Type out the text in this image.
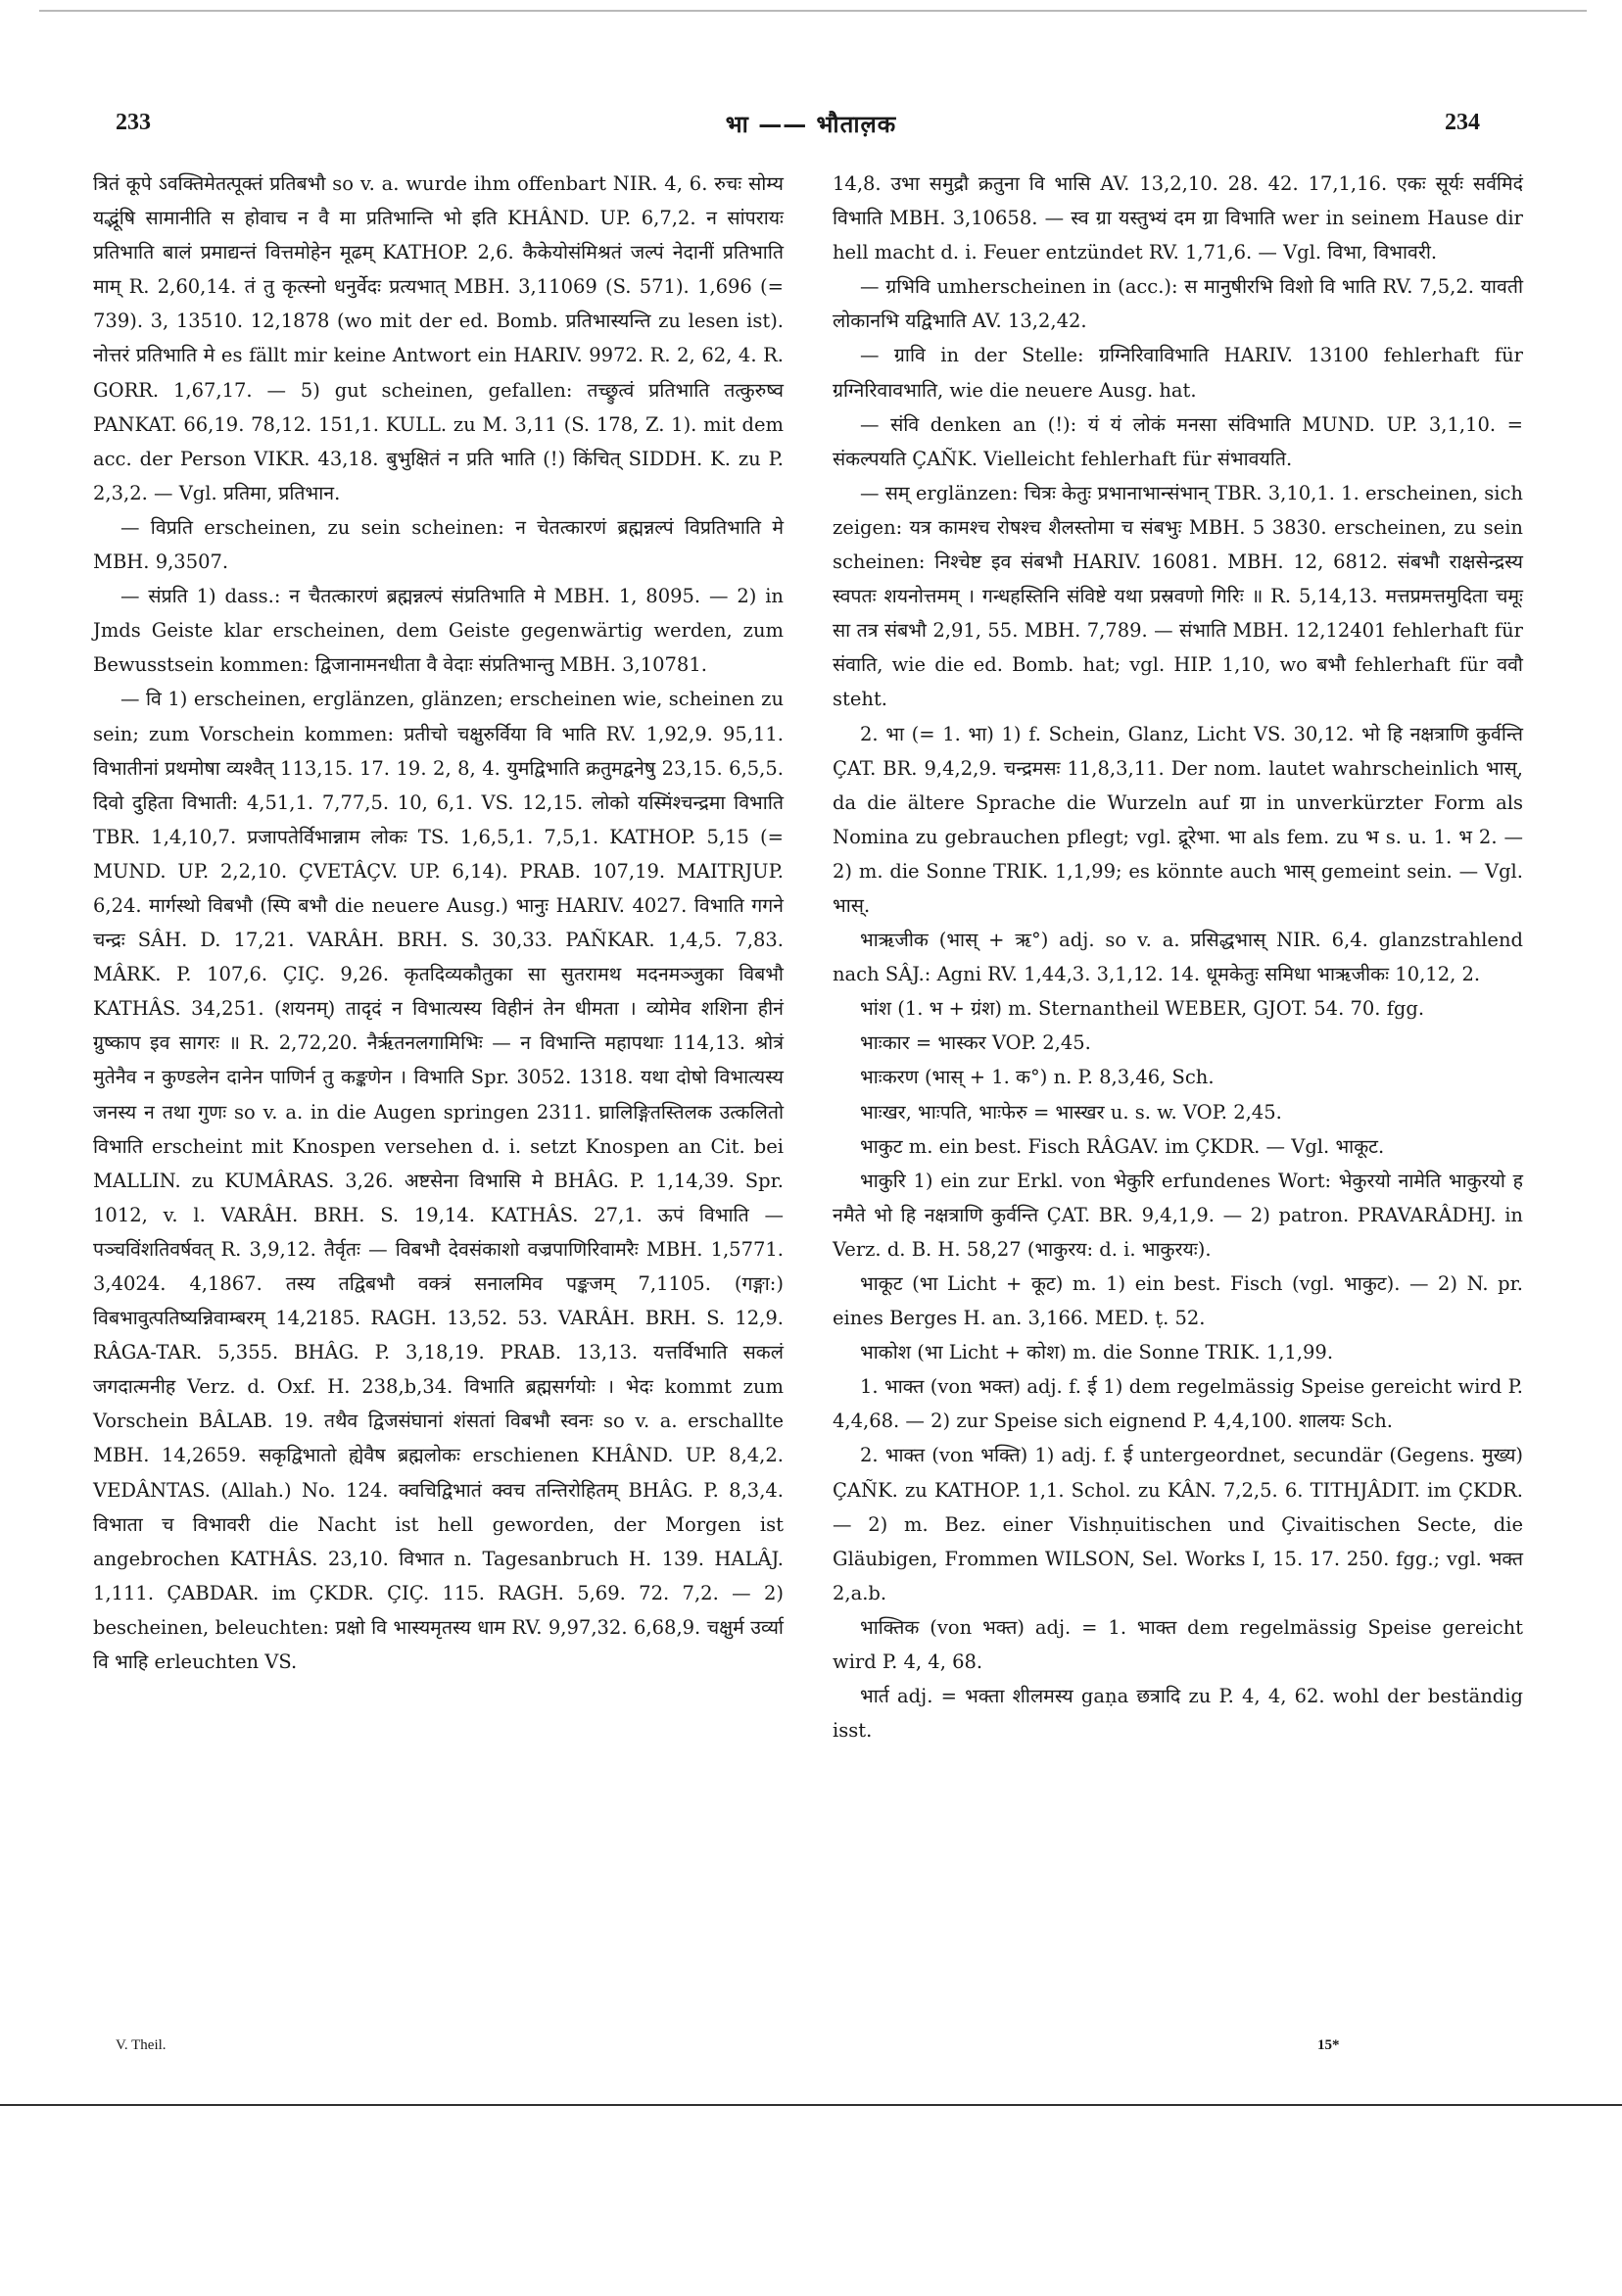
233	भा —— भौताल़क	234

त्रितं कूपे ऽवक्तिमेतत्पूक्तं प्रतिबभौ so v. a. wurde ihm offenbart NIR. 4, 6. रुचः सोम्य यद्भूंषि सामानीति स होवाच न वै मा प्रतिभान्ति भो इति KHÂND. UP. 6,7,2. न सांपरायः प्रतिभाति बालं प्रमाद्यन्तं वित्तमोहेन मूढम् KATHOP. 2,6. कैकेयोसंमिश्रतं जल्पं नेदानीं प्रतिभाति माम् R. 2,60,14. तं तु कृत्स्नो धनुर्वेदः प्रत्यभात् MBH. 3,11069 (S. 571). 1,696 (= 739). 3, 13510. 12,1878 (wo mit der ed. Bomb. प्रतिभास्यन्ति zu lesen ist). नोत्तरं प्रतिभाति मे es fällt mir keine Antwort ein HARIV. 9972. R. 2, 62, 4. R. GORR. 1,67,17. — 5) gut scheinen, gefallen: तच्छ्रुत्वं प्रतिभाति तत्कुरुष्व PANKAT. 66,19. 78,12. 151,1. KULL. zu M. 3,11 (S. 178, Z. 1). mit dem acc. der Person VIKR. 43,18. बुभुक्षितं न प्रति भाति (!) किंचित् SIDDH. K. zu P. 2,3,2. — Vgl. प्रतिमा, प्रतिभान.

— विप्रति erscheinen, zu sein scheinen: न चेतत्कारणं ब्रह्मन्नल्पं विप्रतिभाति मे MBH. 9,3507.

— संप्रति 1) dass.: न चैतत्कारणं ब्रह्मन्नल्पं संप्रतिभाति मे MBH. 1, 8095. — 2) in Jmds Geiste klar erscheinen, dem Geiste gegenwärtig werden, zum Bewusstsein kommen: द्विजानामनधीता वै वेदाः संप्रतिभान्तु MBH. 3,10781.

— वि 1) erscheinen, erglänzen, glänzen; erscheinen wie, scheinen zu sein; zum Vorschein kommen: प्रतीचो चक्षुरुर्विया वि भाति RV. 1,92,9. 95,11. विभातीनां प्रथमोषा व्यश्वैत् 113,15. 17. 19. 2, 8, 4. युमद्विभाति क्रतुमद्वनेषु 23,15. 6,5,5. दिवो दुहिता विभाती: 4,51,1. 7,77,5. 10, 6,1. VS. 12,15. लोको यस्मिंश्चन्द्रमा विभाति TBR. 1,4,10,7. प्रजापतेर्विभान्नाम लोकः TS. 1,6,5,1. 7,5,1. KATHOP. 5,15 (= MUND. UP. 2,2,10. ÇVETÂÇV. UP. 6,14). PRAB. 107,19. MAITRJUP. 6,24. मार्गस्थो विबभौ (स्पि बभौ die neuere Ausg.) भानुः HARIV. 4027. विभाति गगने चन्द्रः SÂH. D. 17,21. VARÂH. BRH. S. 30,33. PAÑKAR. 1,4,5. 7,83. MÂRK. P. 107,6. ÇIÇ. 9,26. कृतदिव्यकौतुका सा सुतरामथ मदनमञ्जुका विबभौ KATHÂS. 34,251. (शयनम्) तादृदं न विभात्यस्य विहीनं तेन धीमता । व्योमेव शशिना हीनं ग्रुष्काप इव सागरः ॥ R. 2,72,20. नैरृतनलगामिभिः — न विभान्ति महापथाः 114,13. श्रोत्रं मुतेनैव न कुण्डलेन दानेन पाणिर्न तु कङ्कणेन । विभाति Spr. 3052. 1318. यथा दोषो विभात्यस्य जनस्य न तथा गुणः so v. a. in die Augen springen 2311. घ्रालिङ्गितस्तिलक उत्कलितो विभाति erscheint mit Knospen versehen d. i. setzt Knospen an Cit. bei MALLIN. zu KUMÂRAS. 3,26. अष्टसेना विभासि मे BHÂG. P. 1,14,39. Spr. 1012, v. l. VARÂH. BRH. S. 19,14. KATHÂS. 27,1. ऊपं विभाति — पञ्चविंशतिवर्षवत् R. 3,9,12. तैर्वृतः — विबभौ देवसंकाशो वज्रपाणिरिवामरैः MBH. 1,5771. 3,4024. 4,1867. तस्य तद्विबभौ वक्त्रं सनालमिव पङ्कजम् 7,1105. (गङ्गा:) विबभावुत्पतिष्यन्निवाम्बरम् 14,2185. RAGH. 13,52. 53. VARÂH. BRH. S. 12,9. RÂGA-TAR. 5,355. BHÂG. P. 3,18,19. PRAB. 13,13. यत्तर्विभाति सकलं जगदात्मनीह Verz. d. Oxf. H. 238,b,34. विभाति ब्रह्मसर्गयोः । भेदः kommt zum Vorschein BÂLAB. 19. तथैव द्विजसंघानां शंसतां विबभौ स्वनः so v. a. erschallte MBH. 14,2659. सकृद्विभातो ह्येवैष ब्रह्मलोकः erschienen KHÂND. UP. 8,4,2. VEDÂNTAS. (Allah.) No. 124. क्वचिद्विभातं क्वच तन्तिरोहितम् BHÂG. P. 8,3,4. विभाता च विभावरी die Nacht ist hell geworden, der Morgen ist angebrochen KATHÂS. 23,10. विभात n. Tagesanbruch H. 139. HALÂJ. 1,111. ÇABDAR. im ÇKDR. ÇIÇ. 115. RAGH. 5,69. 72. 7,2. — 2) bescheinen, beleuchten: प्रक्षो वि भास्यमृतस्य धाम RV. 9,97,32. 6,68,9. चक्षुर्म उर्व्या वि भाहि erleuchten VS.

V. Theil.

14,8. उभा समुद्रौ क्रतुना वि भासि AV. 13,2,10. 28. 42. 17,1,16. एकः सूर्यः सर्वमिदं विभाति MBH. 3,10658. — स्व ग्रा यस्तुभ्यं दम ग्रा विभाति wer in seinem Hause dir hell macht d. i. Feuer entzündet RV. 1,71,6. — Vgl. विभा, विभावरी.

— ग्रभिवि umherscheinen in (acc.): स मानुषीरभि विशो वि भाति RV. 7,5,2. यावती लोकानभि यद्विभाति AV. 13,2,42.

— ग्रावि in der Stelle: ग्रग्निरिवाविभाति HARIV. 13100 fehlerhaft für ग्रग्निरिवावभाति, wie die neuere Ausg. hat.

— संवि denken an (!): यं यं लोकं मनसा संविभाति MUND. UP. 3,1,10. = संकल्पयति ÇAÑK. Vielleicht fehlerhaft für संभावयति.

— सम् erglänzen: चित्रः केतुः प्रभानाभान्संभान् TBR. 3,10,1. 1. erscheinen, sich zeigen: यत्र कामश्च रोषश्च शैलस्तोमा च संबभुः MBH. 5 3830. erscheinen, zu sein scheinen: निश्चेष्ट इव संबभौ HARIV. 16081. MBH. 12, 6812. संबभौ राक्षसेन्द्रस्य स्वपतः शयनोत्तमम् । गन्धहस्तिनि संविष्टे यथा प्रस्रवणो गिरिः ॥ R. 5,14,13. मत्तप्रमत्तमुदिता चमूः सा तत्र संबभौ 2,91, 55. MBH. 7,789. — संभाति MBH. 12,12401 fehlerhaft für संवाति, wie die ed. Bomb. hat; vgl. HIP. 1,10, wo बभौ fehlerhaft für ववौ steht.

2. भा (= 1. भा) 1) f. Schein, Glanz, Licht VS. 30,12. भो हि नक्षत्राणि कुर्वन्ति ÇAT. BR. 9,4,2,9. चन्द्रमसः 11,8,3,11. Der nom. lautet wahrscheinlich भास्, da die ältere Sprache die Wurzeln auf ग्रा in unverkürzter Form als Nomina zu gebrauchen pflegt; vgl. द्रूरेभा. भा als fem. zu भ s. u. 1. भ 2. — 2) m. die Sonne TRIK. 1,1,99; es könnte auch भास् gemeint sein. — Vgl. भास्.

भाऋजीक (भास् + ऋ°) adj. so v. a. प्रसिद्धभास् NIR. 6,4. glanzstrahlend nach SÂJ.: Agni RV. 1,44,3. 3,1,12. 14. धूमकेतुः समिधा भाऋजीकः 10,12, 2.

भांश (1. भ + ग्रंश) m. Sternantheil WEBER, GJOT. 54. 70. fgg.

भाःकार = भास्कर VOP. 2,45.

भाःकरण (भास् + 1. क°) n. P. 8,3,46, Sch.

भाःखर, भाःपति, भाःफेरु = भास्खर u. s. w. VOP. 2,45.

भाकुट m. ein best. Fisch RÂGAV. im ÇKDR. — Vgl. भाकूट.

भाकुरि 1) ein zur Erkl. von भेकुरि erfundenes Wort: भेकुरयो नामेति भाकुरयो ह नमैते भो हि नक्षत्राणि कुर्वन्ति ÇAT. BR. 9,4,1,9. — 2) patron. PRAVARÂDHJ. in Verz. d. B. H. 58,27 (भाकुरय: d. i. भाकुरयः).

भाकूट (भा Licht + कूट) m. 1) ein best. Fisch (vgl. भाकुट). — 2) N. pr. eines Berges H. an. 3,166. MED. ṭ. 52.

भाकोश (भा Licht + कोश) m. die Sonne TRIK. 1,1,99.

1. भाक्त (von भक्त) adj. f. ई 1) dem regelmässig Speise gereicht wird P. 4,4,68. — 2) zur Speise sich eignend P. 4,4,100. शालयः Sch.

2. भाक्त (von भक्ति) 1) adj. f. ई untergeordnet, secundär (Gegens. मुख्य) ÇAÑK. zu KATHOP. 1,1. Schol. zu KÂN. 7,2,5. 6. TITHJÂDIT. im ÇKDR. — 2) m. Bez. einer Vishṇuitischen und Çivaitischen Secte, die Gläubigen, Frommen WILSON, Sel. Works I, 15. 17. 250. fgg.; vgl. भक्त 2,a.b.

भाक्तिक (von भक्त) adj. = 1. भाक्त dem regelmässig Speise gereicht wird P. 4, 4, 68.

भार्त adj. = भक्ता शीलमस्य gaṇa छत्रादि zu P. 4, 4, 62. wohl der beständig isst.

15*
